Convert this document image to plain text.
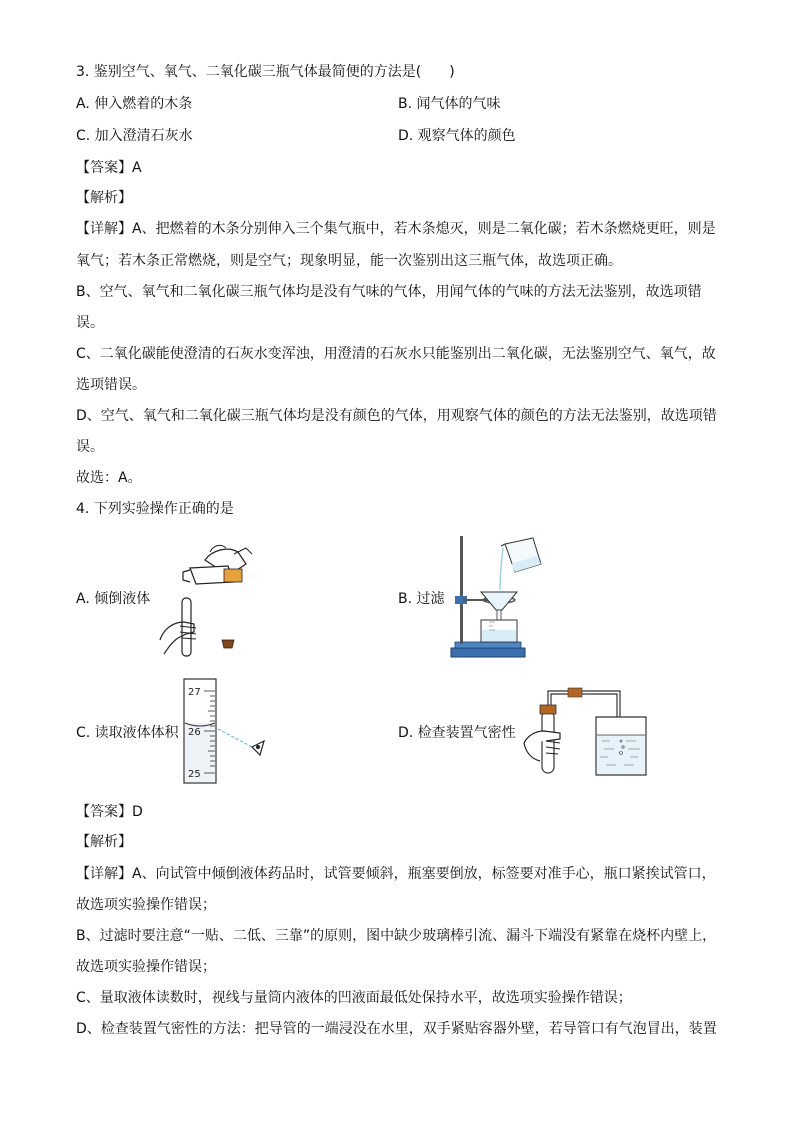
3. 鉴别空气、氧气、二氧化碳三瓶气体最简便的方法是(　　)
A. 伸入燃着的木条	B. 闻气体的气味
C. 加入澄清石灰水	D. 观察气体的颜色
【答案】A
【解析】
【详解】A、把燃着的木条分别伸入三个集气瓶中，若木条熄灭，则是二氧化碳；若木条燃烧更旺，则是
氧气；若木条正常燃烧，则是空气；现象明显，能一次鉴别出这三瓶气体，故选项正确。
B、空气、氧气和二氧化碳三瓶气体均是没有气味的气体，用闻气体的气味的方法无法鉴别，故选项错
误。
C、二氧化碳能使澄清的石灰水变浑浊，用澄清的石灰水只能鉴别出二氧化碳，无法鉴别空气、氧气，故
选项错误。
D、空气、氧气和二氧化碳三瓶气体均是没有颜色的气体，用观察气体的颜色的方法无法鉴别，故选项错
误。
故选：A。
4. 下列实验操作正确的是
A. 倾倒液体	B. 过滤
C. 读取液体体积	D. 检查装置气密性
27
26
25
【答案】D
【解析】
【详解】A、向试管中倾倒液体药品时，试管要倾斜，瓶塞要倒放，标签要对准手心，瓶口紧挨试管口，
故选项实验操作错误；
B、过滤时要注意“一贴、二低、三靠”的原则，图中缺少玻璃棒引流、漏斗下端没有紧靠在烧杯内壁上，
故选项实验操作错误；
C、量取液体读数时，视线与量筒内液体的凹液面最低处保持水平，故选项实验操作错误；
D、检查装置气密性的方法：把导管的一端浸没在水里，双手紧贴容器外壁，若导管口有气泡冒出，装置
